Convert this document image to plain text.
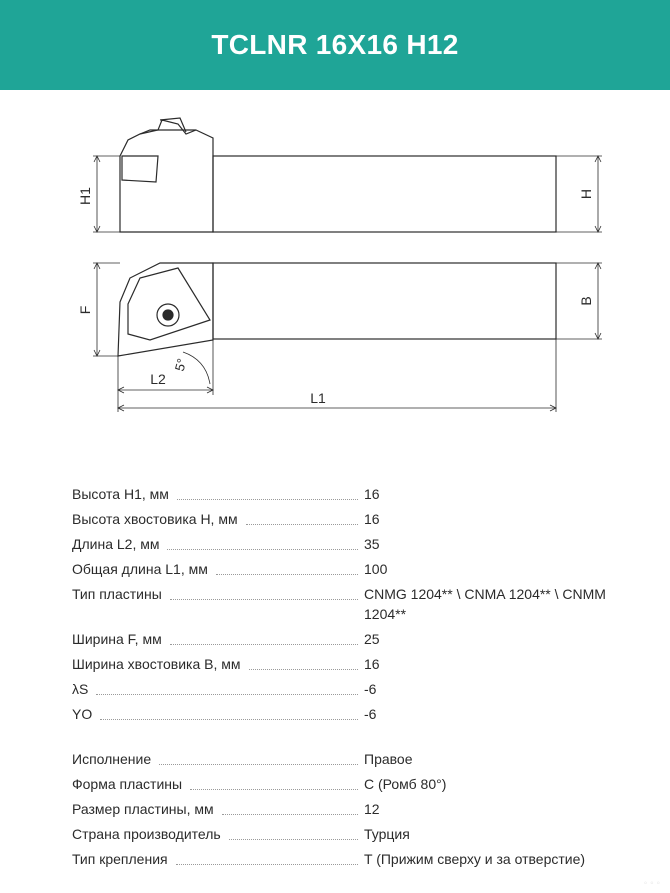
TCLNR 16X16 H12
H1	H
F
B
L2
5°
L1
Высота H1, мм	16
Высота хвостовика H, мм	16
Длина L2, мм	35
Общая длина L1, мм	100
Тип пластины	CNMG 1204** \ CNMA 1204** \ CNMM 1204**
Ширина F, мм	25
Ширина хвостовика B, мм	16
λS	-6
YO	-6
Исполнение	Правое
Форма пластины	C (Ромб 80°)
Размер пластины, мм	12
Страна производитель	Турция
Тип крепления	T (Прижим сверху и за отверстие)
◦ ◦ ◦
